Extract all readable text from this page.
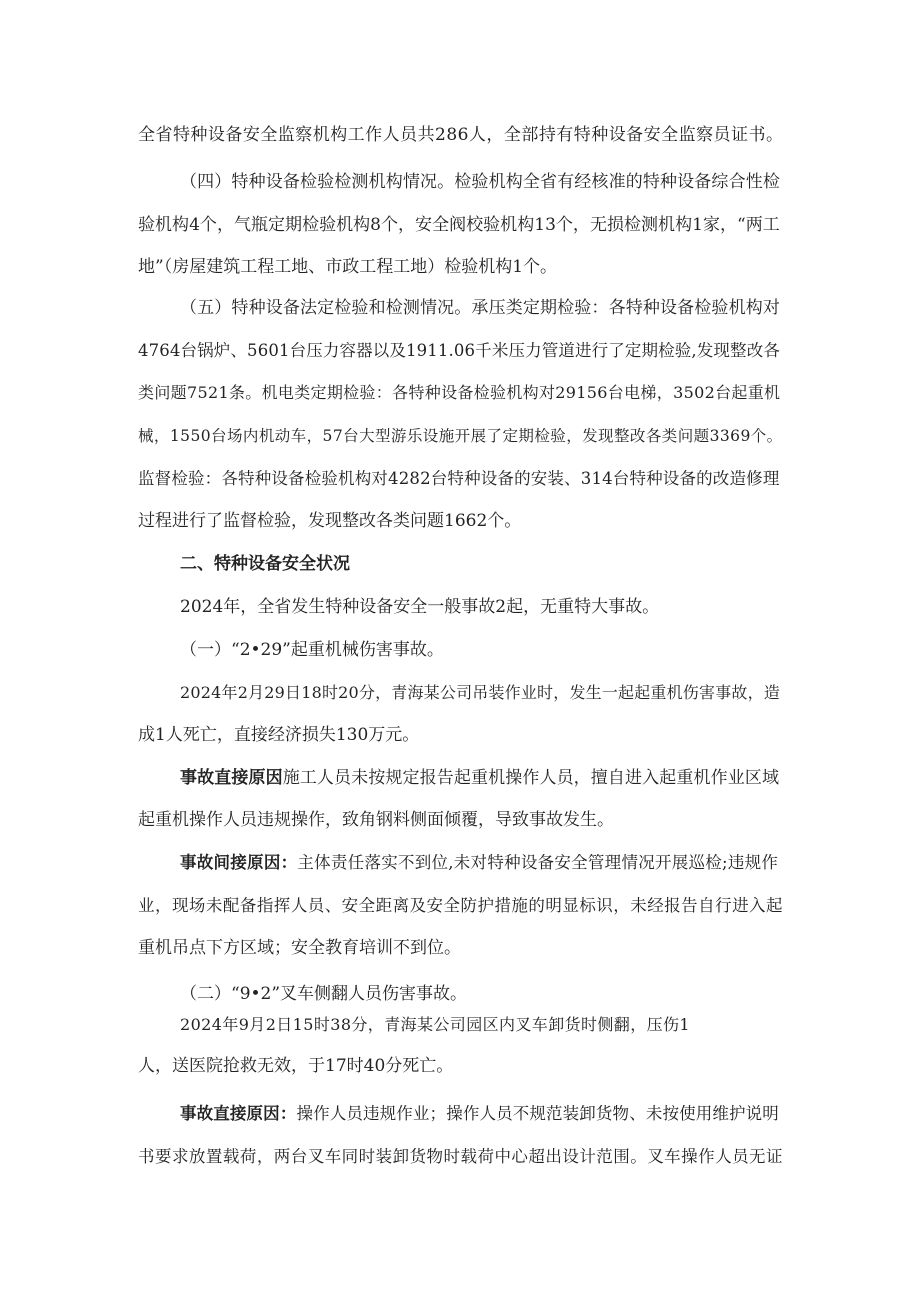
全省特种设备安全监察机构工作人员共286人，全部持有特种设备安全监察员证书。
（四）特种设备检验检测机构情况。检验机构全省有经核准的特种设备综合性检
验机构4个，气瓶定期检验机构8个，安全阀校验机构13个，无损检测机构1家，“两工
地”（房屋建筑工程工地、市政工程工地）检验机构1个。
（五）特种设备法定检验和检测情况。承压类定期检验：各特种设备检验机构对
4764台锅炉、5601台压力容器以及1911.06千米压力管道进行了定期检验,发现整改各
类问题7521条。机电类定期检验：各特种设备检验机构对29156台电梯，3502台起重机
械，1550台场内机动车，57台大型游乐设施开展了定期检验，发现整改各类问题3369个。
监督检验：各特种设备检验机构对4282台特种设备的安装、314台特种设备的改造修理
过程进行了监督检验，发现整改各类问题1662个。
二、特种设备安全状况
2024年，全省发生特种设备安全一般事故2起，无重特大事故。
（一）“2•29”起重机械伤害事故。
2024年2月29日18时20分，青海某公司吊装作业时，发生一起起重机伤害事故，造
成1人死亡，直接经济损失130万元。
事故直接原因施工人员未按规定报告起重机操作人员，擅自进入起重机作业区域
起重机操作人员违规操作，致角钢料侧面倾覆，导致事故发生。
事故间接原因：主体责任落实不到位,未对特种设备安全管理情况开展巡检;违规作
业，现场未配备指挥人员、安全距离及安全防护措施的明显标识，未经报告自行进入起
重机吊点下方区域；安全教育培训不到位。
（二）“9•2”叉车侧翻人员伤害事故。
2024年9月2日15时38分，青海某公司园区内叉车卸货时侧翻，压伤1
人，送医院抢救无效，于17时40分死亡。
事故直接原因：操作人员违规作业；操作人员不规范装卸货物、未按使用维护说明
书要求放置载荷，两台叉车同时装卸货物时载荷中心超出设计范围。叉车操作人员无证
